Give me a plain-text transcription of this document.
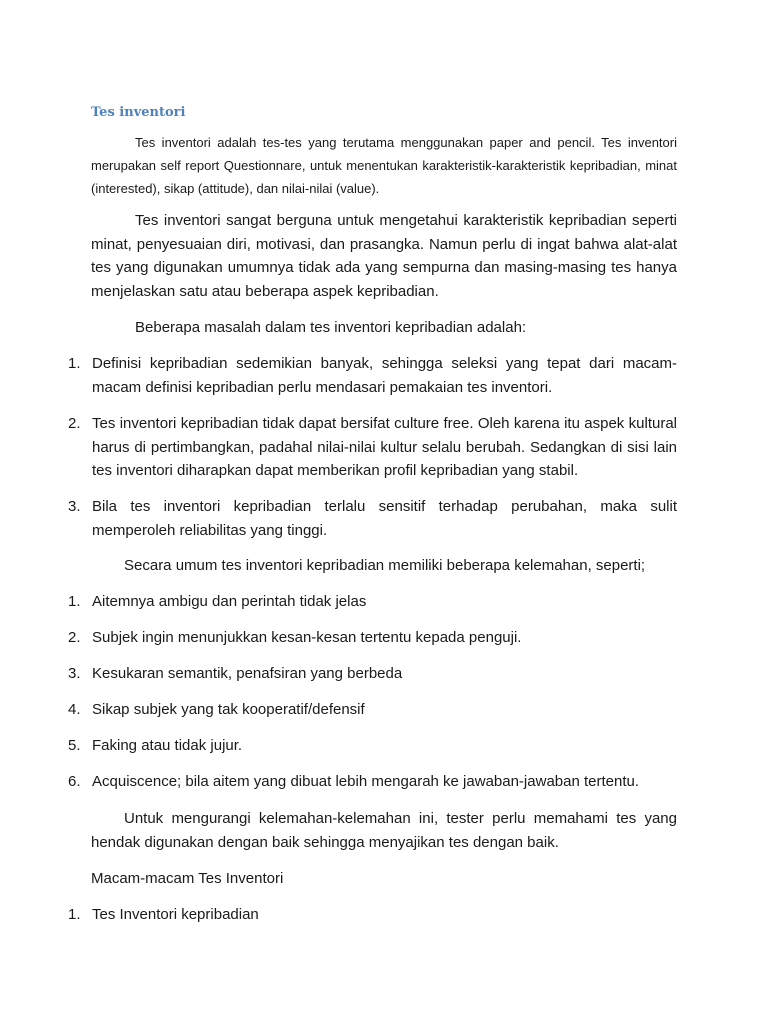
Tes inventori
Tes inventori adalah tes-tes yang terutama menggunakan paper and pencil. Tes inventori merupakan self report Questionnare, untuk menentukan karakteristik-karakteristik kepribadian, minat (interested), sikap (attitude), dan nilai-nilai (value).

Tes inventori sangat berguna untuk mengetahui karakteristik kepribadian seperti minat, penyesuaian diri, motivasi, dan prasangka. Namun perlu di ingat bahwa alat-alat tes yang digunakan umumnya tidak ada yang sempurna dan masing-masing tes hanya menjelaskan satu atau beberapa aspek kepribadian.

Beberapa masalah dalam tes inventori kepribadian adalah:

1. Definisi kepribadian sedemikian banyak, sehingga seleksi yang tepat dari macam-macam definisi kepribadian perlu mendasari pemakaian tes inventori.
2. Tes inventori kepribadian tidak dapat bersifat culture free. Oleh karena itu aspek kultural harus di pertimbangkan, padahal nilai-nilai kultur selalu berubah. Sedangkan di sisi lain tes inventori diharapkan dapat memberikan profil kepribadian yang stabil.
3. Bila tes inventori kepribadian terlalu sensitif terhadap perubahan, maka sulit memperoleh reliabilitas yang tinggi.

Secara umum tes inventori kepribadian memiliki beberapa kelemahan, seperti;

1. Aitemnya ambigu dan perintah tidak jelas
2. Subjek ingin menunjukkan kesan-kesan tertentu kepada penguji.
3. Kesukaran semantik, penafsiran yang berbeda
4. Sikap subjek yang tak kooperatif/defensif
5. Faking atau tidak jujur.
6. Acquiscence; bila aitem yang dibuat lebih mengarah ke jawaban-jawaban tertentu.

Untuk mengurangi kelemahan-kelemahan ini, tester perlu memahami tes yang hendak digunakan dengan baik sehingga menyajikan tes dengan baik.

Macam-macam Tes Inventori

1. Tes Inventori kepribadian
